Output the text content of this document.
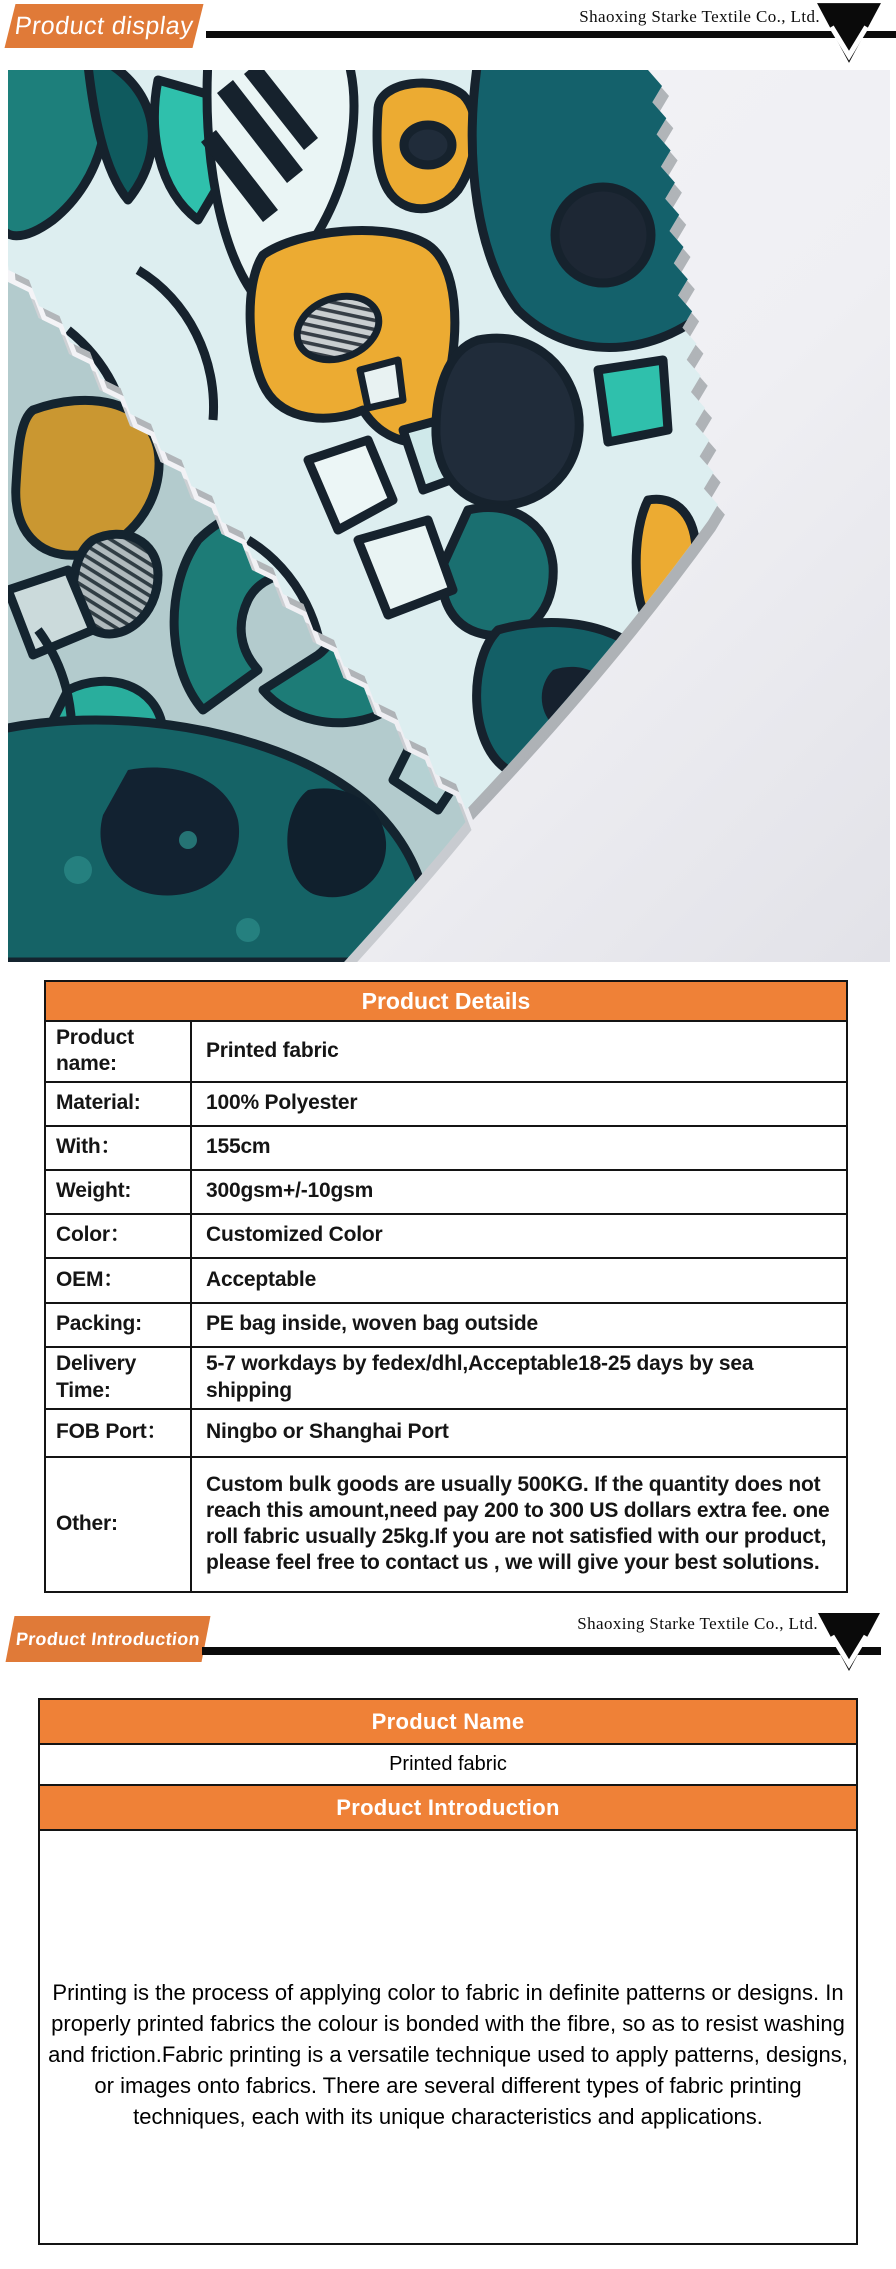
Product display	Shaoxing Starke Textile Co., Ltd.
Product Details	
Product name:	Printed fabric
Material:	100% Polyester
With：	155cm
Weight:	300gsm+/-10gsm
Color：	Customized Color
OEM：	Acceptable
Packing:	PE bag inside, woven bag outside
Delivery Time:	5-7 workdays by fedex/dhl,Acceptable18-25 days by sea shipping
FOB Port：	Ningbo or Shanghai Port
Other:	Custom bulk goods are usually 500KG. If the quantity does not reach this amount,need pay 200 to 300 US dollars extra fee. one roll fabric usually 25kg.If you are not satisfied with our product, please feel free to contact us , we will give your best solutions.
Product Introduction
Shaoxing Starke Textile Co., Ltd.
Product Name
Printed fabric
Product Introduction

Printing is the process of applying color to fabric in definite patterns or designs. In properly printed fabrics the colour is bonded with the fibre, so as to resist washing and friction.Fabric printing is a versatile technique used to apply patterns, designs, or images onto fabrics. There are several different types of fabric printing techniques, each with its unique characteristics and applications.
